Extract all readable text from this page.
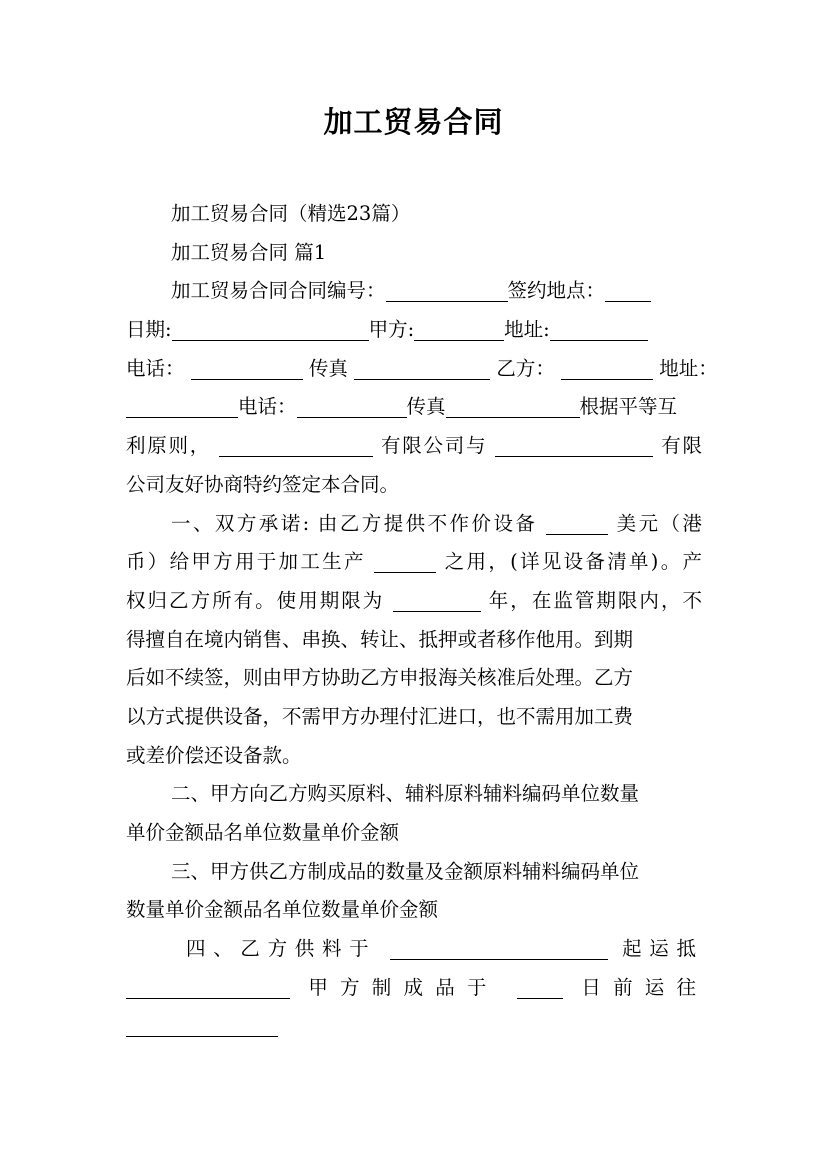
加工贸易合同
加工贸易合同（精选23篇）
加工贸易合同 篇1
加工贸易合同合同编号：	签约地点：
日期:	甲方:	地址:
电话：	传真	乙方：	地址：
电话：	传真	根据平等互
利原则，	有限公司与	有限
公司友好协商特约签定本合同。
一、双方承诺: 由乙方提供不作价设备	美元（港
币）给甲方用于加工生产	之用，(详见设备清单)。产
权归乙方所有。使用期限为	年，在监管期限内，不
得擅自在境内销售、串换、转让、抵押或者移作他用。到期
后如不续签，则由甲方协助乙方申报海关核准后处理。乙方
以方式提供设备，不需甲方办理付汇进口，也不需用加工费
或差价偿还设备款。
二、甲方向乙方购买原料、辅料原料辅料编码单位数量
单价金额品名单位数量单价金额
三、甲方供乙方制成品的数量及金额原料辅料编码单位
数量单价金额品名单位数量单价金额
四、乙方供料于	起运抵
甲方制成品于	日前运往
